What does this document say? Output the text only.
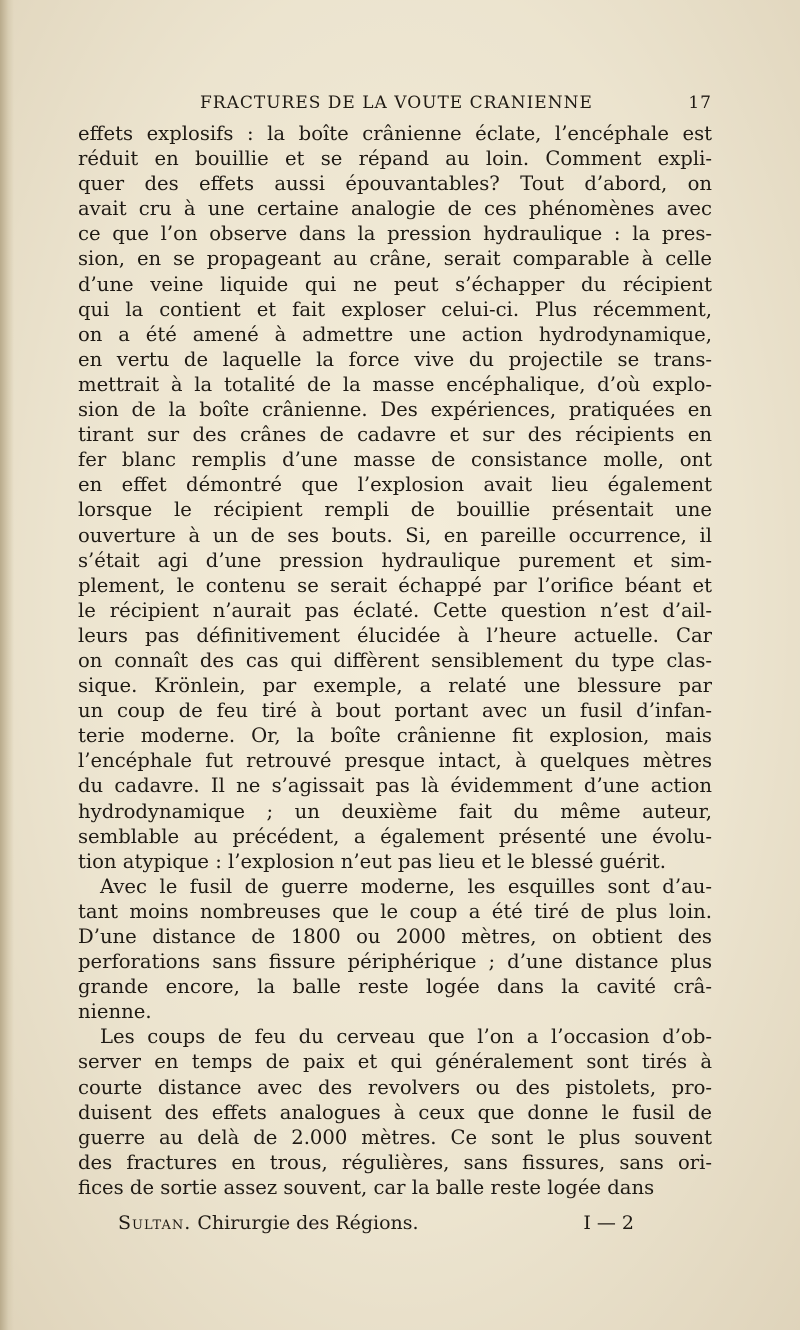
FRACTURES DE LA VOUTE CRANIENNE	17
effets explosifs : la boîte crânienne éclate, l’encéphale est
réduit en bouillie et se répand au loin. Comment expli-
quer des effets aussi épouvantables? Tout d’abord, on
avait cru à une certaine analogie de ces phénomènes avec
ce que l’on observe dans la pression hydraulique : la pres-
sion, en se propageant au crâne, serait comparable à celle
d’une veine liquide qui ne peut s’échapper du récipient
qui la contient et fait exploser celui-ci. Plus récemment,
on a été amené à admettre une action hydrodynamique,
en vertu de laquelle la force vive du projectile se trans-
mettrait à la totalité de la masse encéphalique, d’où explo-
sion de la boîte crânienne. Des expériences, pratiquées en
tirant sur des crânes de cadavre et sur des récipients en
fer blanc remplis d’une masse de consistance molle, ont
en effet démontré que l’explosion avait lieu également
lorsque le récipient rempli de bouillie présentait une
ouverture à un de ses bouts. Si, en pareille occurrence, il
s’était agi d’une pression hydraulique purement et sim-
plement, le contenu se serait échappé par l’orifice béant et
le récipient n’aurait pas éclaté. Cette question n’est d’ail-
leurs pas définitivement élucidée à l’heure actuelle. Car
on connaît des cas qui diffèrent sensiblement du type clas-
sique. Krönlein, par exemple, a relaté une blessure par
un coup de feu tiré à bout portant avec un fusil d’infan-
terie moderne. Or, la boîte crânienne fit explosion, mais
l’encéphale fut retrouvé presque intact, à quelques mètres
du cadavre. Il ne s’agissait pas là évidemment d’une action
hydrodynamique ; un deuxième fait du même auteur,
semblable au précédent, a également présenté une évolu-
tion atypique : l’explosion n’eut pas lieu et le blessé guérit.
Avec le fusil de guerre moderne, les esquilles sont d’au-
tant moins nombreuses que le coup a été tiré de plus loin.
D’une distance de 1800 ou 2000 mètres, on obtient des
perforations sans fissure périphérique ; d’une distance plus
grande encore, la balle reste logée dans la cavité crâ-
nienne.
Les coups de feu du cerveau que l’on a l’occasion d’ob-
server en temps de paix et qui généralement sont tirés à
courte distance avec des revolvers ou des pistolets, pro-
duisent des effets analogues à ceux que donne le fusil de
guerre au delà de 2.000 mètres. Ce sont le plus souvent
des fractures en trous, régulières, sans fissures, sans ori-
fices de sortie assez souvent, car la balle reste logée dans
Sultan. Chirurgie des Régions.	I — 2
